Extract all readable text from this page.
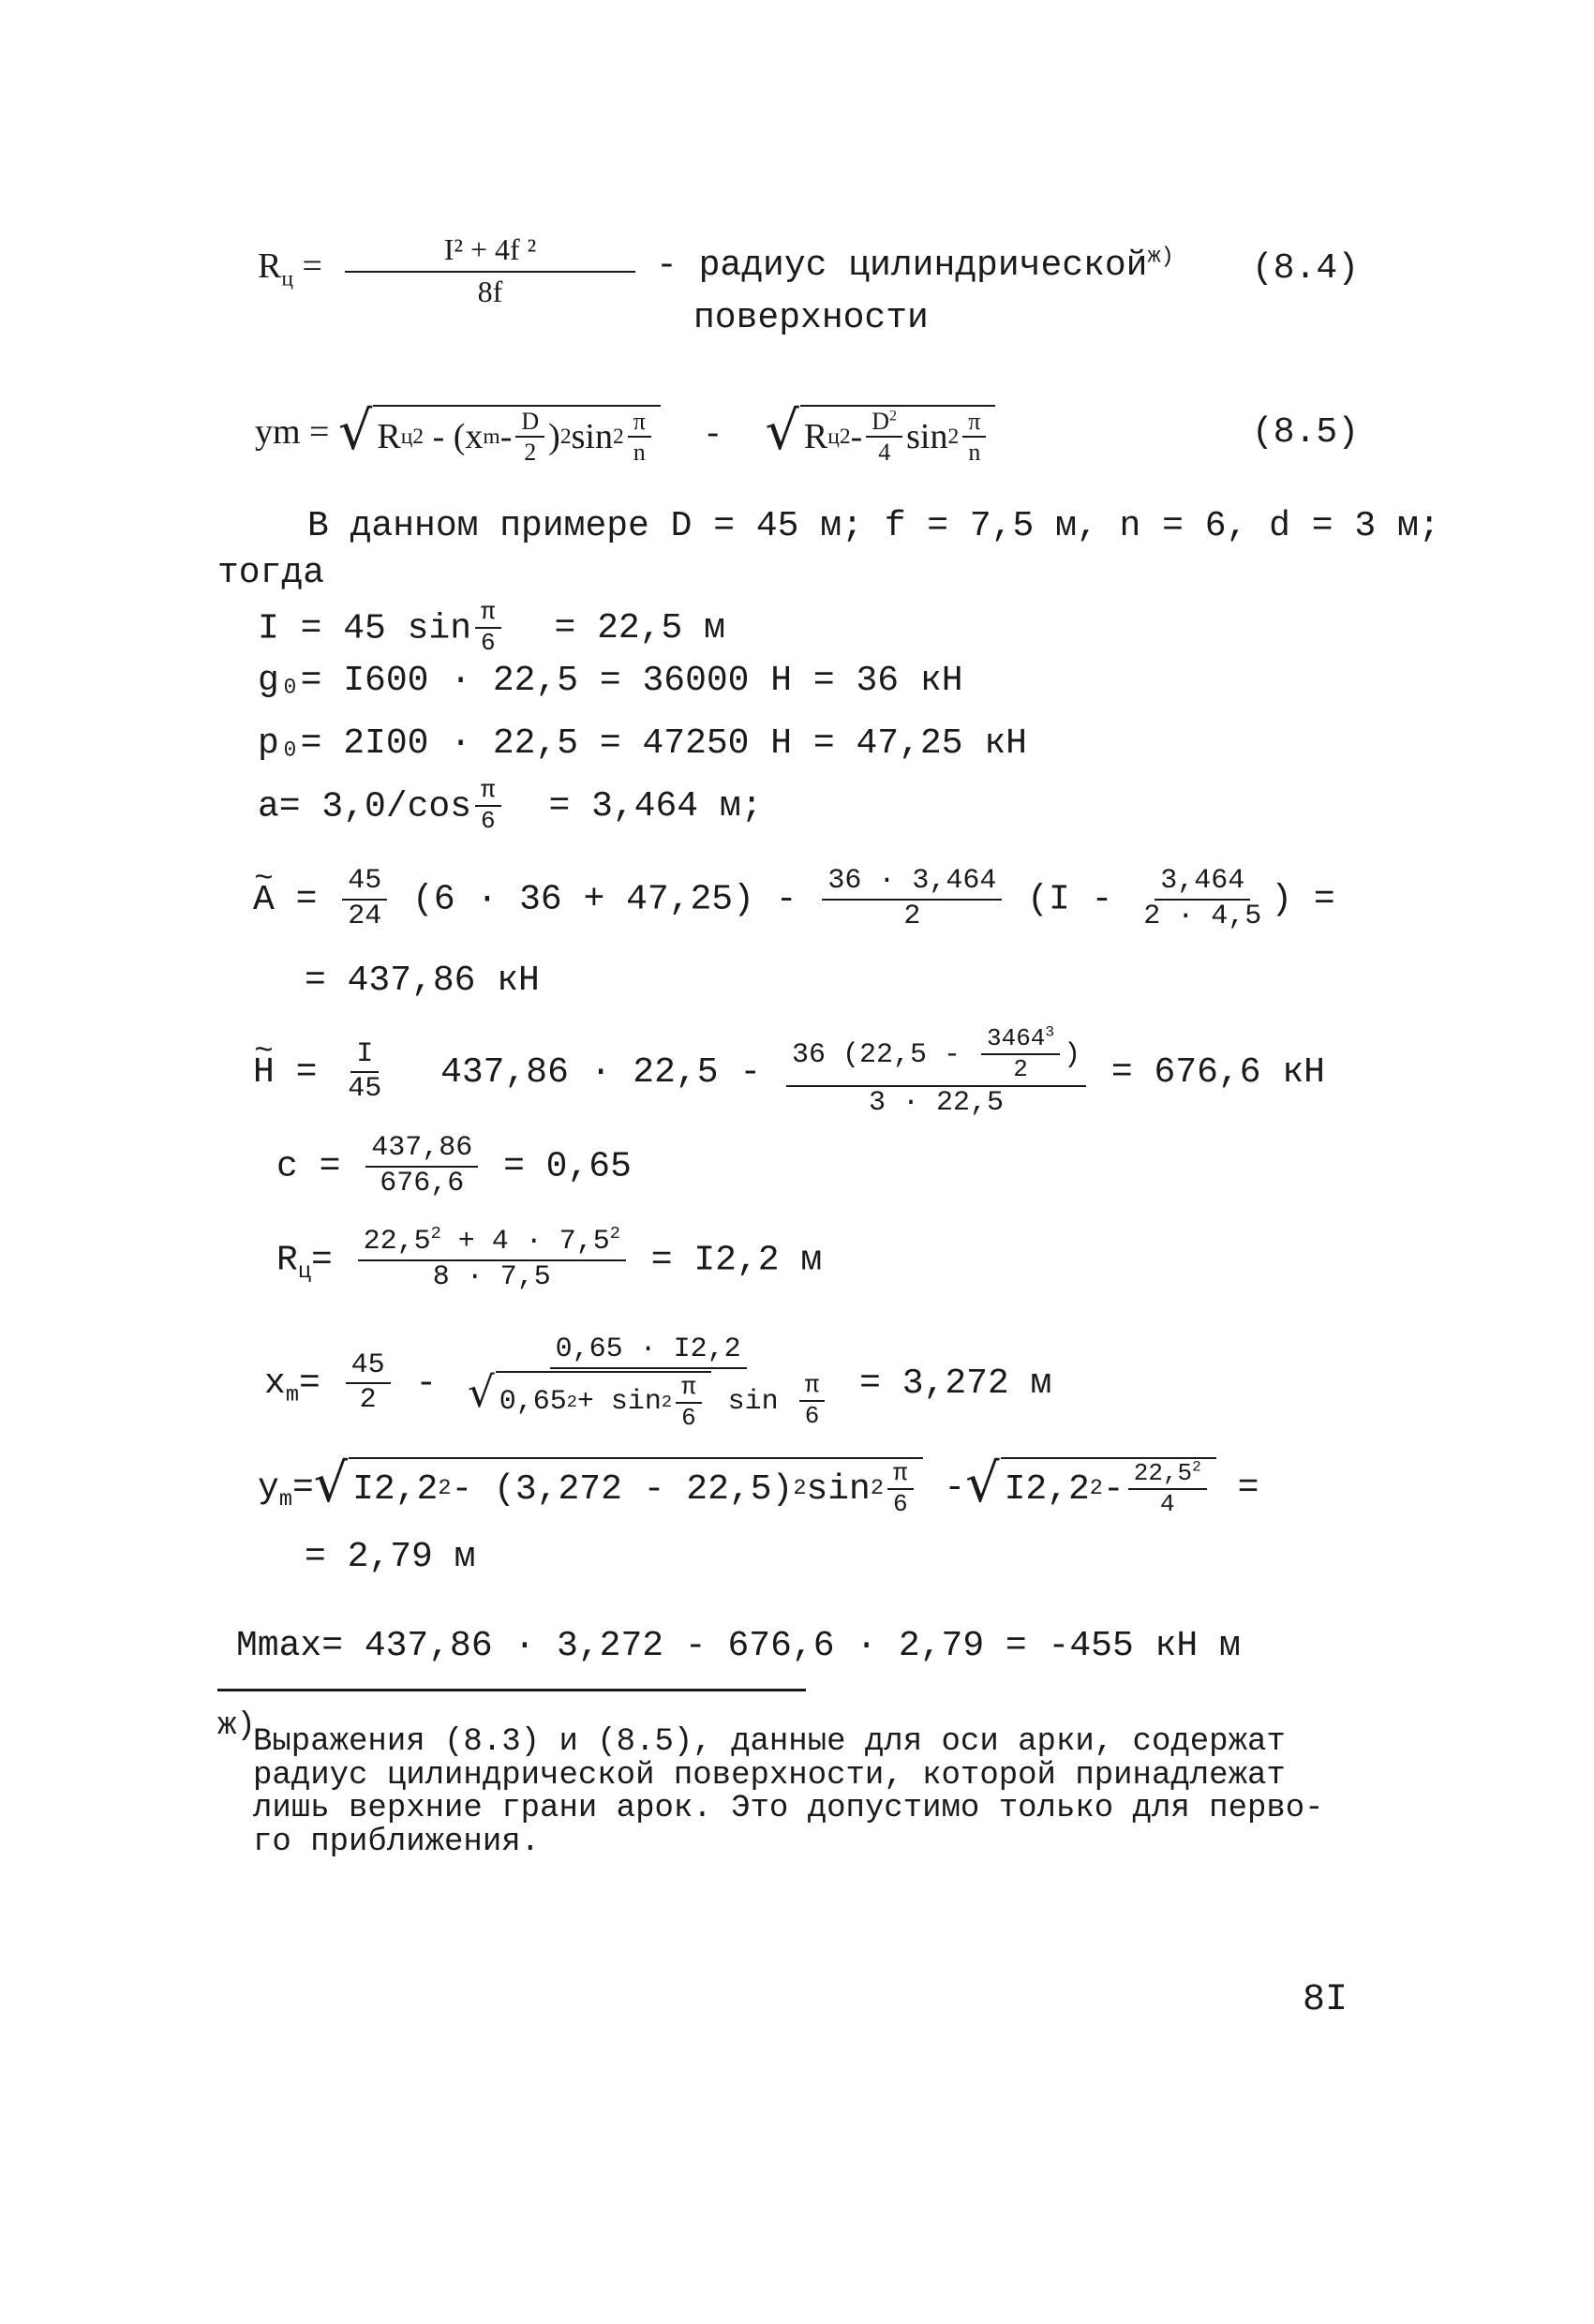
$R_ц = \frac{\text{I² + 4f ²}}{8f}$ - радиус цилиндрической$^{ж)}$
поверхности
(8.4)
ym = √ R ц 2 - (x m - $\frac{D}{2}$ ) 2 $\sin 2 \frac{\pi}{n}$ - √ R ц $2 - \frac{D^2}{4}$ $\sin 2 \frac{\pi}{n}$	(8.5)
В данном примере D = 45 м; f = 7,5 м, n = 6, d = 3 м;
тогда
I = 45 $\sin \frac{\pi}{6} = 22,5$ м
g₀= I600 · 22,5 = 36000 H = 36 кH
p₀= 2I00 · 22,5 = 47250 H = 47,25 кH
$a= 3,0/\cos \frac{\pi}{6} = 3,464$ м;
~ $A = \frac{45}{24} (6 \cdot 36 + 47,25) - \frac{36 \cdot 3,464}{2} (I - \frac{3,464}{2 \cdot 4,5}$ ) =
= 437,86 кH
~ $H = \frac{I}{45} 437,86 \cdot 22,5 - \frac{36 (22,5 - \frac{3464^3}{2} )}{3 \cdot 22,5} = 676,6$ кH
$c = \frac{437,86}{676,6} = 0,65$
$R_ц= \frac{22,5^2 + 4 \cdot 7,5^2}{8 \cdot 7,5} = I2,2$ м
$x_m= \frac{45}{2} - \frac{0,65 \cdot I2,2}{√ 0,65 2 + \sin 2 \frac{\pi}{6} \sin \frac{\pi}{6}} = 3,272$ м
$y_m=$ √ I2,2 2 - (3,272 - 22,5) 2 $\sin 2 \frac{\pi}{6}$ - √ I2,2 $2 - \frac{22,5^2}{4}$ =
= 2,79 м
Mmax= 437,86 · 3,272 - 676,6 · 2,79 = -455 кH м
ж)
Выражения (8.3) и (8.5), данные для оси арки, содержат
радиус цилиндрической поверхности, которой принадлежат
лишь верхние грани арок. Это допустимо только для перво-
го приближения.
8I
